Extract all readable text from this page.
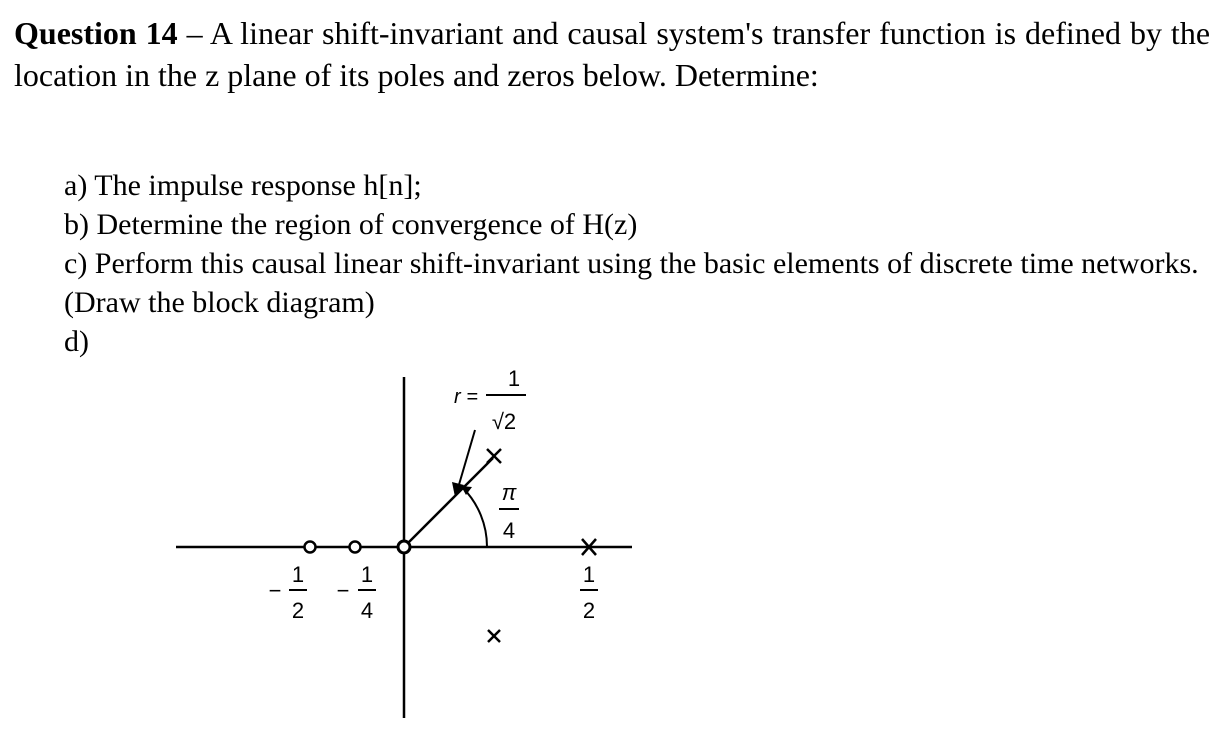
Question 14 – A linear shift-invariant and causal system's transfer function is defined by the location in the z plane of its poles and zeros below. Determine:

a) The impulse response h[n];
b) Determine the region of convergence of H(z)
c) Perform this causal linear shift-invariant using the basic elements of discrete time networks.(Draw the block diagram)
d)
r =
1
√2
π
4
−
1
2
−
1
4
1
2
